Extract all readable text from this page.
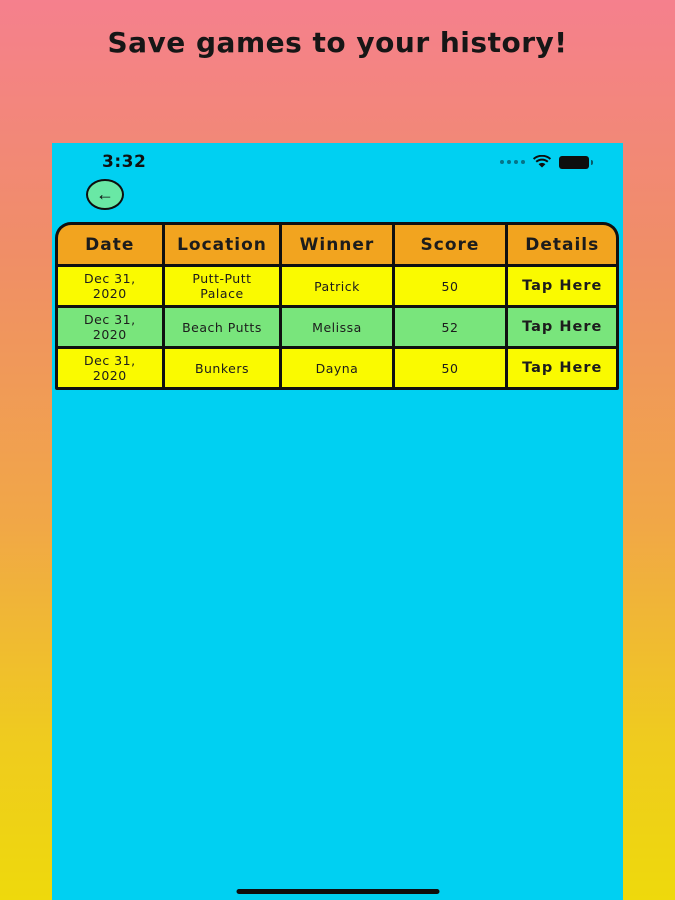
Save games to your history!
3:32
←
Date	Location	Winner	Score	Details
Dec 31, 2020	Putt-Putt Palace	Patrick	50	Tap Here
Dec 31, 2020	Beach Putts	Melissa	52	Tap Here
Dec 31, 2020	Bunkers	Dayna	50	Tap Here
